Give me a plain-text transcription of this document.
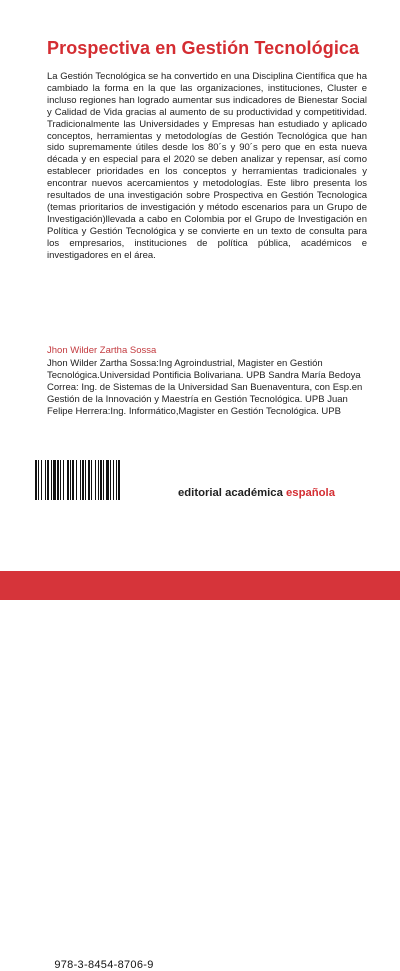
Prospectiva en Gestión Tecnológica

La Gestión Tecnológica se ha convertido en una Disciplina Científica que ha cambiado la forma en la que las organizaciones, instituciones, Cluster e incluso regiones han logrado aumentar sus indicadores de Bienestar Social y Calidad de Vida gracias al aumento de su productividad y competitividad. Tradicionalmente las Universidades y Empresas han estudiado y aplicado conceptos, herramientas y metodologías de Gestión Tecnológica que han sido supremamente útiles desde los 80´s y 90´s pero que en esta nueva década y en especial para el 2020 se deben analizar y repensar, así como establecer prioridades en los conceptos y herramientas tradicionales y encontrar nuevos acercamientos y metodologías. Este libro presenta los resultados de una investigación sobre Prospectiva en Gestión Tecnologica (temas prioritarios de investigación y método escenarios para un Grupo de Investigación)llevada a cabo en Colombia por el Grupo de Investigación en Política y Gestión Tecnológica y se convierte en un texto de consulta para los empresarios, instituciones de política pública, académicos e investigadores en el área.

Jhon Wilder Zartha Sossa

Jhon Wilder Zartha Sossa:Ing Agroindustrial, Magister en Gestión Tecnológica.Universidad Pontificia Bolivariana. UPB Sandra María Bedoya Correa: Ing. de Sistemas de la Universidad San Buenaventura, con Esp.en Gestión de la Innovación y Maestría en Gestión Tecnológica. UPB Juan Felipe Herrera:Ing. Informático,Magister en Gestión Tecnológica. UPB

978-3-8454-8706-9
editorial académica española
